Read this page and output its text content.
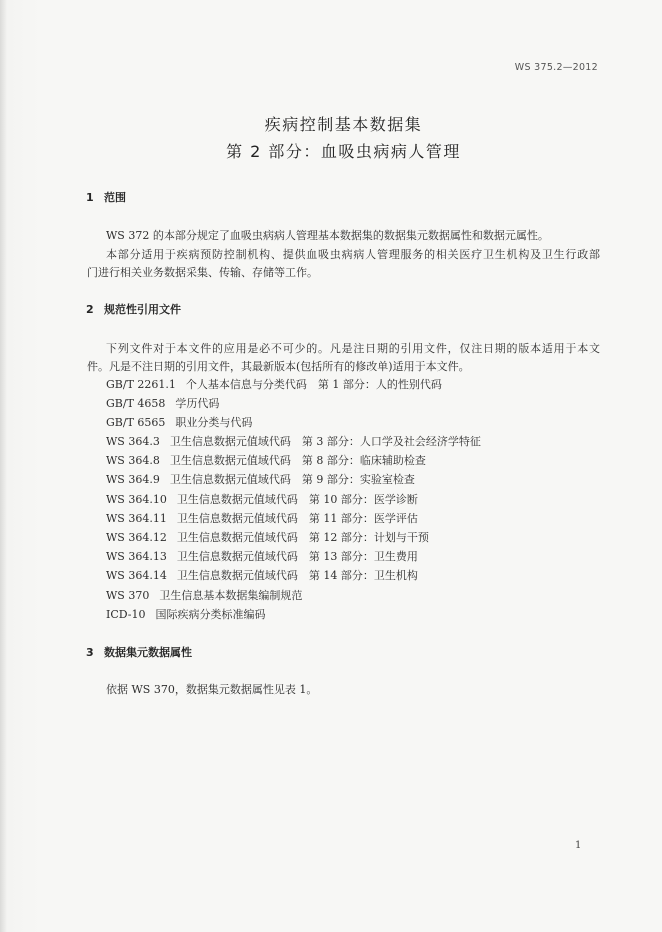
WS 375.2—2012
疾病控制基本数据集
第 2 部分：血吸虫病病人管理
1 范围
WS 372 的本部分规定了血吸虫病病人管理基本数据集的数据集元数据属性和数据元属性。
本部分适用于疾病预防控制机构、提供血吸虫病病人管理服务的相关医疗卫生机构及卫生行政部
门进行相关业务数据采集、传输、存储等工作。
2 规范性引用文件
下列文件对于本文件的应用是必不可少的。凡是注日期的引用文件，仅注日期的版本适用于本文
件。凡是不注日期的引用文件，其最新版本(包括所有的修改单)适用于本文件。
GB/T 2261.1 个人基本信息与分类代码　第 1 部分：人的性别代码
GB/T 4658 学历代码
GB/T 6565 职业分类与代码
WS 364.3 卫生信息数据元值域代码　第 3 部分：人口学及社会经济学特征
WS 364.8 卫生信息数据元值域代码　第 8 部分：临床辅助检查
WS 364.9 卫生信息数据元值域代码　第 9 部分：实验室检查
WS 364.10 卫生信息数据元值域代码　第 10 部分：医学诊断
WS 364.11 卫生信息数据元值域代码　第 11 部分：医学评估
WS 364.12 卫生信息数据元值域代码　第 12 部分：计划与干预
WS 364.13 卫生信息数据元值域代码　第 13 部分：卫生费用
WS 364.14 卫生信息数据元值域代码　第 14 部分：卫生机构
WS 370 卫生信息基本数据集编制规范
ICD-10 国际疾病分类标准编码
3 数据集元数据属性
依据 WS 370，数据集元数据属性见表 1。
1
